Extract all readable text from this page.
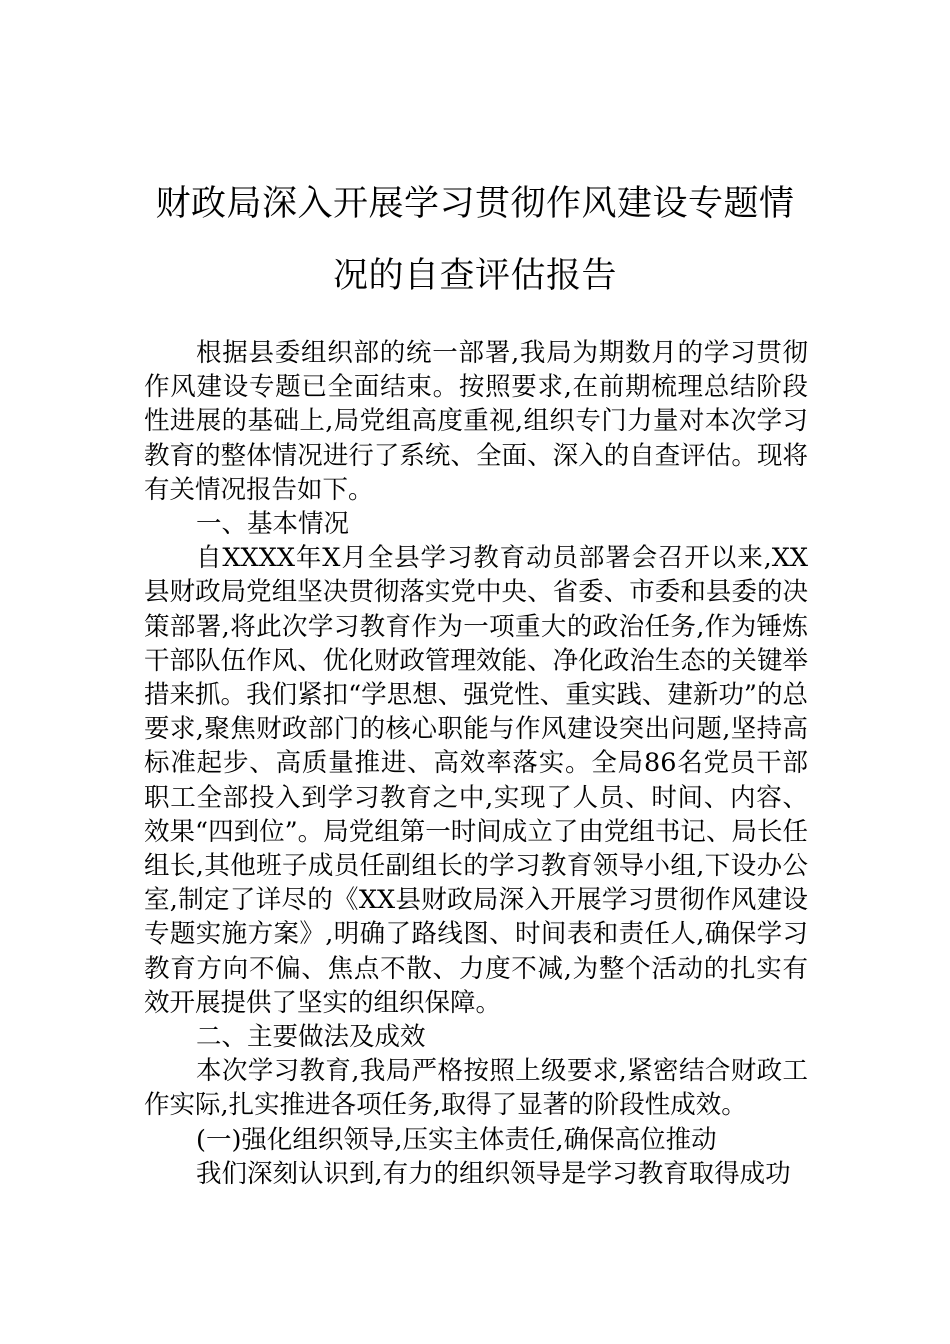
财政局深入开展学习贯彻作风建设专题情
况的自查评估报告

根据县委组织部的统一部署,我局为期数月的学习贯彻作风建设专题已全面结束。按照要求,在前期梳理总结阶段性进展的基础上,局党组高度重视,组织专门力量对本次学习教育的整体情况进行了系统、全面、深入的自查评估。现将有关情况报告如下。

一、基本情况

自XXXX年X月全县学习教育动员部署会召开以来,XX县财政局党组坚决贯彻落实党中央、省委、市委和县委的决策部署,将此次学习教育作为一项重大的政治任务,作为锤炼干部队伍作风、优化财政管理效能、净化政治生态的关键举措来抓。我们紧扣“学思想、强党性、重实践、建新功”的总要求,聚焦财政部门的核心职能与作风建设突出问题,坚持高标准起步、高质量推进、高效率落实。全局86名党员干部职工全部投入到学习教育之中,实现了人员、时间、内容、效果“四到位”。局党组第一时间成立了由党组书记、局长任组长,其他班子成员任副组长的学习教育领导小组,下设办公室,制定了详尽的《XX县财政局深入开展学习贯彻作风建设专题实施方案》,明确了路线图、时间表和责任人,确保学习教育方向不偏、焦点不散、力度不减,为整个活动的扎实有效开展提供了坚实的组织保障。

二、主要做法及成效

本次学习教育,我局严格按照上级要求,紧密结合财政工作实际,扎实推进各项任务,取得了显著的阶段性成效。

(一)强化组织领导,压实主体责任,确保高位推动

我们深刻认识到,有力的组织领导是学习教育取得成功
